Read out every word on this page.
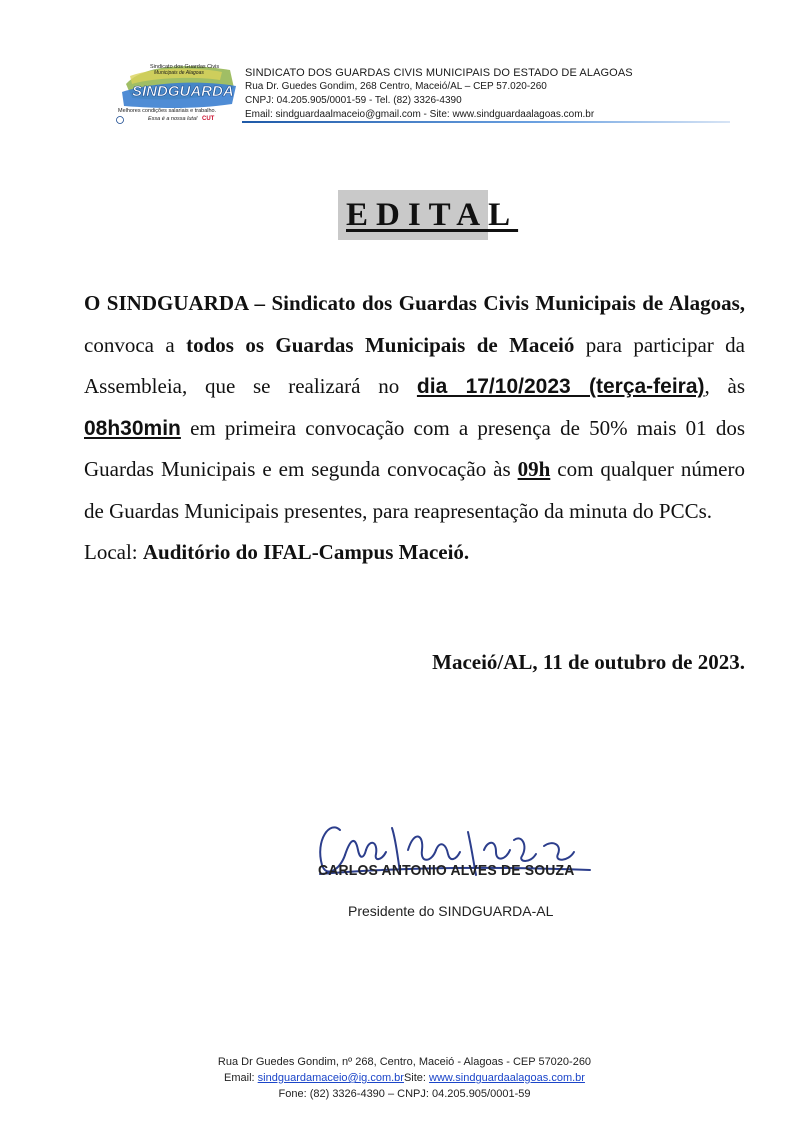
Sindicato dos Guardas Civis
Municipais de Alagoas
SINDGUARDA
Melhores condições salariais e trabalho.
Essa é a nossa luta! CUT
SINDICATO DOS GUARDAS CIVIS MUNICIPAIS DO ESTADO DE ALAGOAS
Rua Dr. Guedes Gondim, 268 Centro, Maceió/AL – CEP 57.020-260
CNPJ: 04.205.905/0001-59 - Tel. (82) 3326-4390
Email: sindguardaalmaceio@gmail.com - Site: www.sindguardaalagoas.com.br
EDITAL

O SINDGUARDA – Sindicato dos Guardas Civis Municipais de Alagoas, convoca a todos os Guardas Municipais de Maceió para participar da Assembleia, que se realizará no dia 17/10/2023 (terça-feira), às 08h30min em primeira convocação com a presença de 50% mais 01 dos Guardas Municipais e em segunda convocação às 09h com qualquer número de Guardas Municipais presentes, para reapresentação da minuta do PCCs.

Local: Auditório do IFAL-Campus Maceió.

Maceió/AL, 11 de outubro de 2023.
CARLOS ANTONIO ALVES DE SOUZA
Presidente do SINDGUARDA-AL
Rua Dr Guedes Gondim, nº 268, Centro, Maceió - Alagoas - CEP 57020-260
Email: sindguardamaceio@ig.com.brSite: www.sindguardaalagoas.com.br
Fone: (82) 3326-4390 – CNPJ: 04.205.905/0001-59
